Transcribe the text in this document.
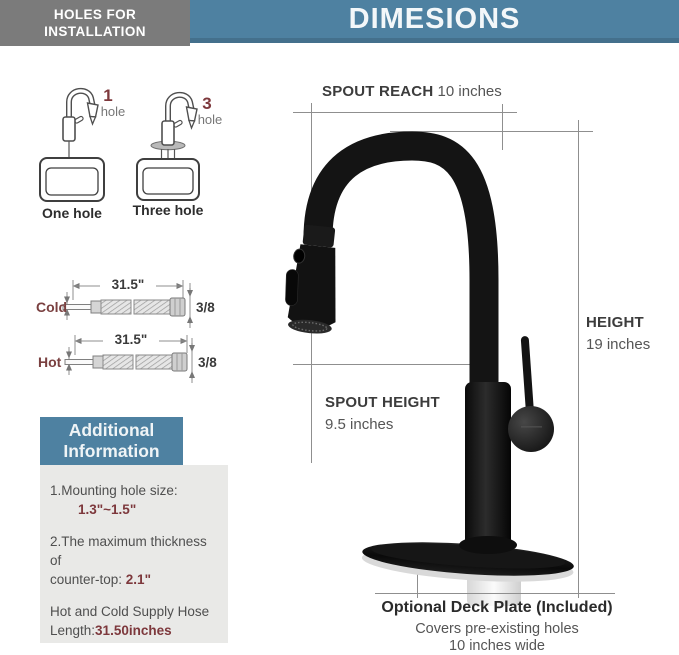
HOLES FOR
INSTALLATION	DIMESIONS
1
hole
One hole
3
hole
Three hole
31.5"
Cold	3/8
31.5"
Hot	3/8
Additional
Information
1.Mounting hole size:
1.3"~1.5"
2.The maximum thickness of
counter-top: 2.1"
Hot and Cold Supply Hose
Length:31.50inches
SPOUT REACH 10 inches
HEIGHT
19 inches
SPOUT HEIGHT
9.5 inches
Optional Deck Plate (Included)
Covers pre-existing holes
10 inches wide
